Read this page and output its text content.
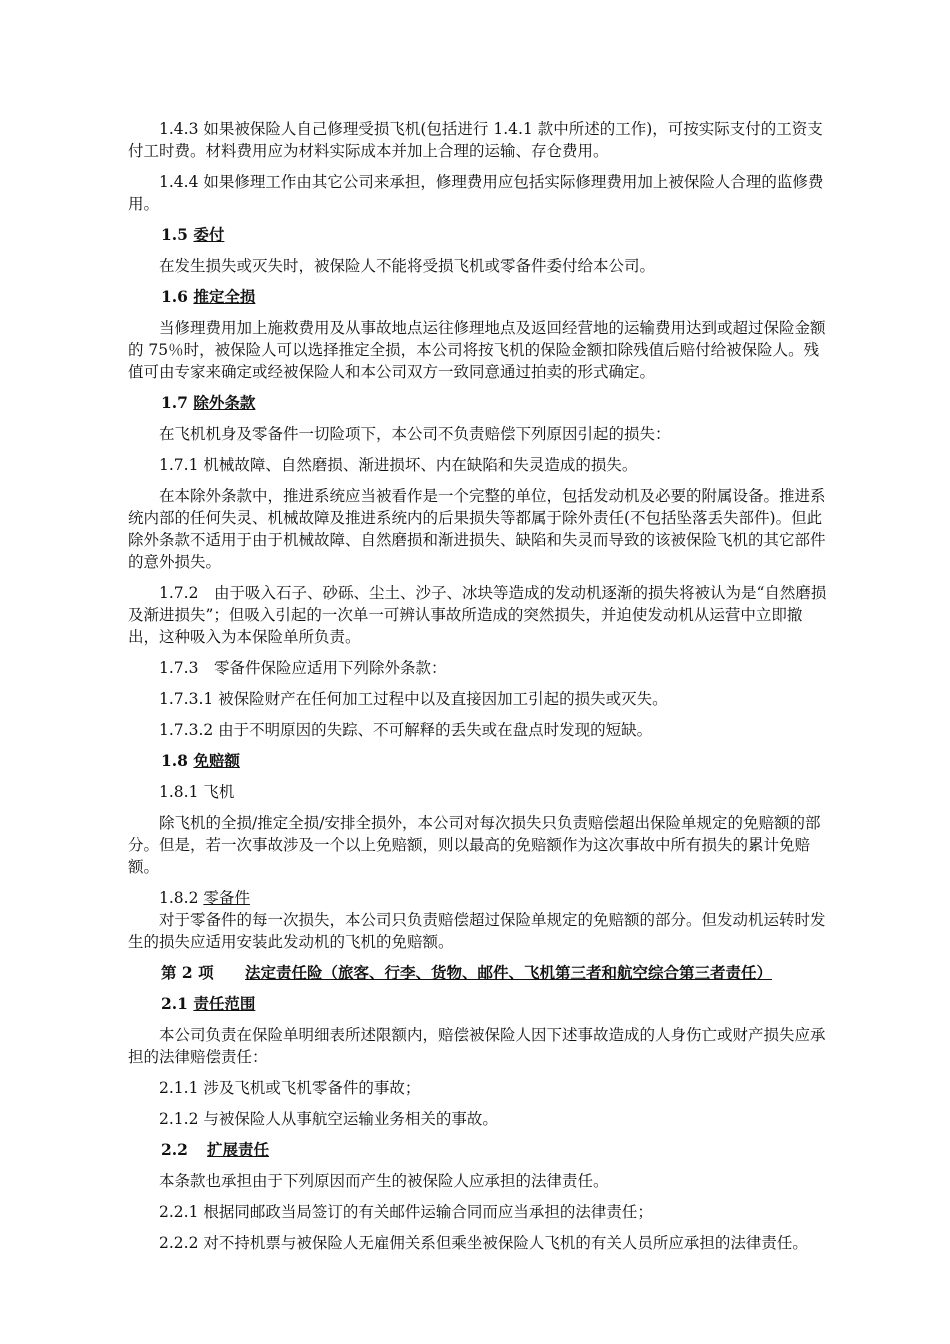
1.4.3 如果被保险人自己修理受损飞机(包括进行 1.4.1 款中所述的工作)，可按实际支付的工资支付工时费。材料费用应为材料实际成本并加上合理的运输、存仓费用。

1.4.4 如果修理工作由其它公司来承担，修理费用应包括实际修理费用加上被保险人合理的监修费用。

1.5 委付

在发生损失或灭失时，被保险人不能将受损飞机或零备件委付给本公司。

1.6 推定全损

当修理费用加上施救费用及从事故地点运往修理地点及返回经营地的运输费用达到或超过保险金额的 75％时，被保险人可以选择推定全损，本公司将按飞机的保险金额扣除残值后赔付给被保险人。残值可由专家来确定或经被保险人和本公司双方一致同意通过拍卖的形式确定。

1.7 除外条款

在飞机机身及零备件一切险项下，本公司不负责赔偿下列原因引起的损失：

1.7.1 机械故障、自然磨损、渐进损坏、内在缺陷和失灵造成的损失。

在本除外条款中，推进系统应当被看作是一个完整的单位，包括发动机及必要的附属设备。推进系统内部的任何失灵、机械故障及推进系统内的后果损失等都属于除外责任(不包括坠落丢失部件)。但此除外条款不适用于由于机械故障、自然磨损和渐进损失、缺陷和失灵而导致的该被保险飞机的其它部件的意外损失。

1.7.2　由于吸入石子、砂砾、尘土、沙子、冰块等造成的发动机逐渐的损失将被认为是“自然磨损及渐进损失”；但吸入引起的一次单一可辨认事故所造成的突然损失，并迫使发动机从运营中立即撤出，这种吸入为本保险单所负责。

1.7.3　零备件保险应适用下列除外条款：

1.7.3.1 被保险财产在任何加工过程中以及直接因加工引起的损失或灭失。

1.7.3.2 由于不明原因的失踪、不可解释的丢失或在盘点时发现的短缺。

1.8 免赔额

1.8.1 飞机

除飞机的全损/推定全损/安排全损外，本公司对每次损失只负责赔偿超出保险单规定的免赔额的部分。但是，若一次事故涉及一个以上免赔额，则以最高的免赔额作为这次事故中所有损失的累计免赔额。

1.8.2 零备件

对于零备件的每一次损失，本公司只负责赔偿超过保险单规定的免赔额的部分。但发动机运转时发生的损失应适用安装此发动机的飞机的免赔额。

第 2 项 法定责任险（旅客、行李、货物、邮件、飞机第三者和航空综合第三者责任）

2.1 责任范围

本公司负责在保险单明细表所述限额内，赔偿被保险人因下述事故造成的人身伤亡或财产损失应承担的法律赔偿责任：

2.1.1 涉及飞机或飞机零备件的事故；

2.1.2 与被保险人从事航空运输业务相关的事故。

2.2 扩展责任

本条款也承担由于下列原因而产生的被保险人应承担的法律责任。

2.2.1 根据同邮政当局签订的有关邮件运输合同而应当承担的法律责任；

2.2.2 对不持机票与被保险人无雇佣关系但乘坐被保险人飞机的有关人员所应承担的法律责任。
